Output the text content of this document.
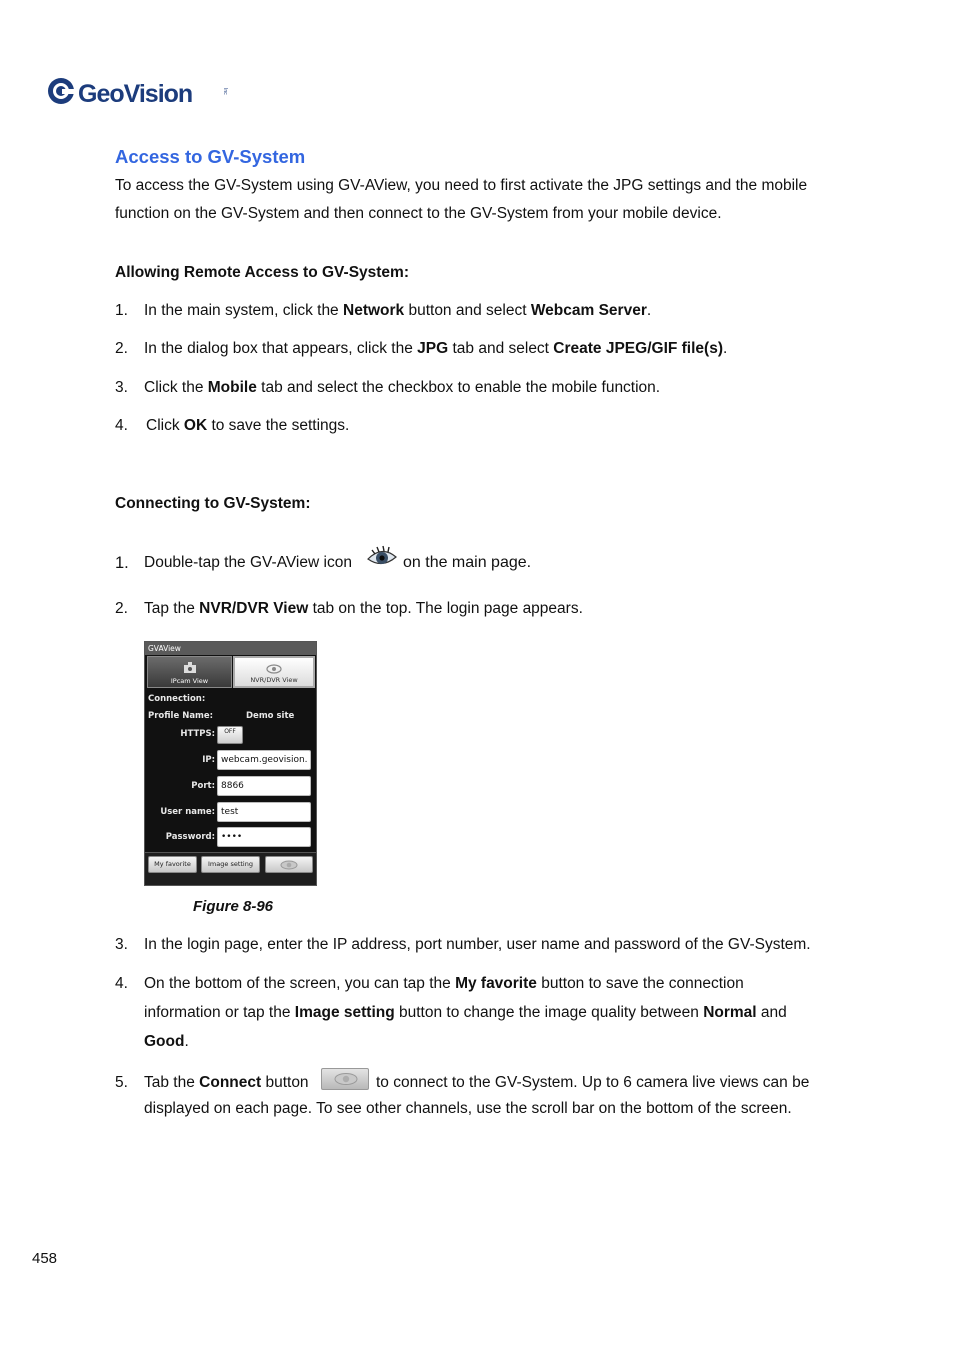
GeoVision	Inc
Access to GV-System

To access the GV-System using GV-AView, you need to first activate the JPG settings and the mobile function on the GV-System and then connect to the GV-System from your mobile device.

Allowing Remote Access to GV-System:
1. In the main system, click the Network button and select Webcam Server.
2. In the dialog box that appears, click the JPG tab and select Create JPEG/GIF file(s).
3. Click the Mobile tab and select the checkbox to enable the mobile function.
4. Click OK to save the settings.
Connecting to GV-System:
1. Double-tap the GV-AView icon	on the main page.
2. Tap the NVR/DVR View tab on the top. The login page appears.
GVAView
IPcam View	NVR/DVR View
Connection:
Profile Name:	Demo site
HTTPS:	OFF
IP: webcam.geovision.
Port: 8866
User name: test
Password: ••••
My favorite	Image setting
Figure 8-96
3. In the login page, enter the IP address, port number, user name and password of the GV-System.
4. On the bottom of the screen, you can tap the My favorite button to save the connection information or tap the Image setting button to change the image quality between Normal and Good.
5. Tab the Connect button	to connect to the GV-System. Up to 6 camera live views can be displayed on each page. To see other channels, use the scroll bar on the bottom of the screen.
458
